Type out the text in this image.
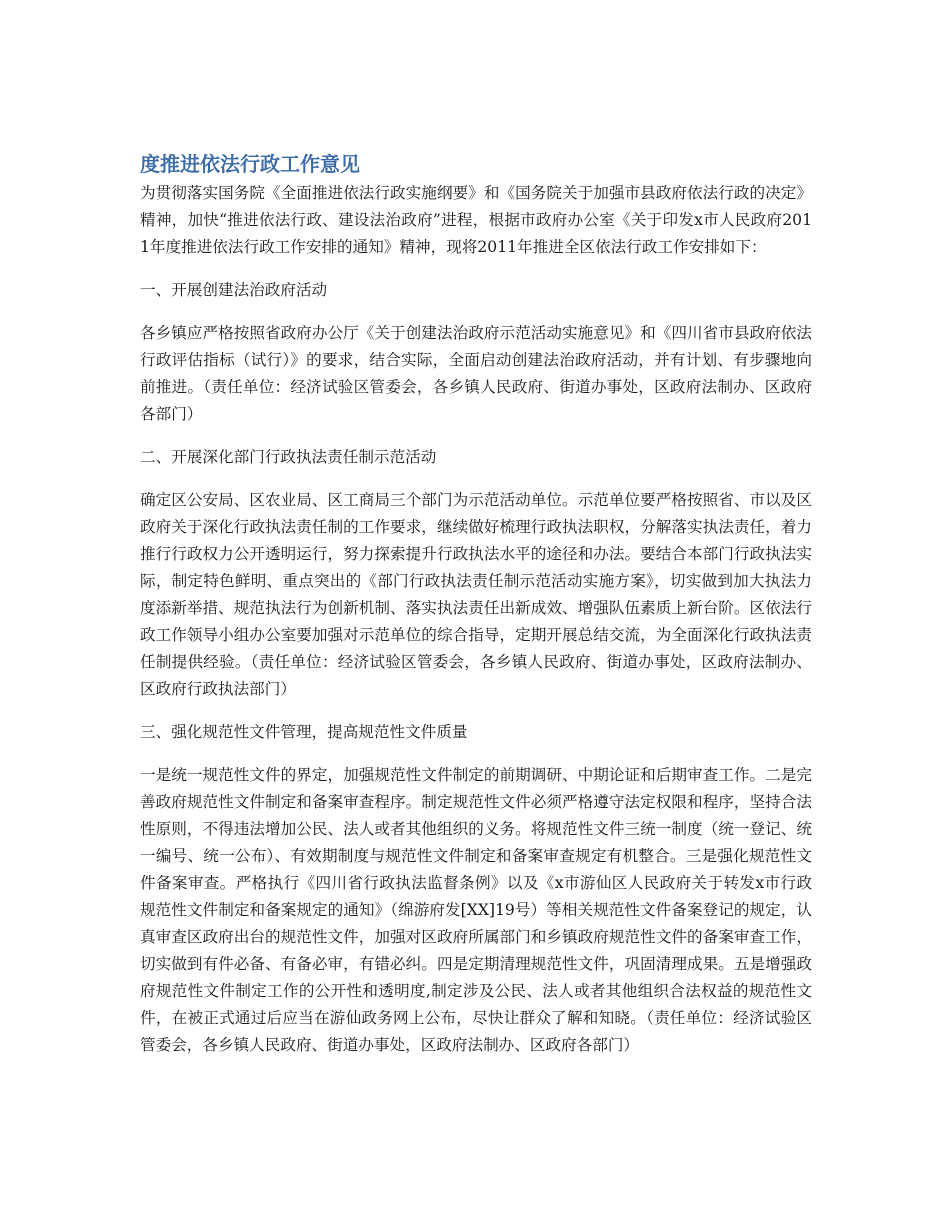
度推进依法行政工作意见

为贯彻落实国务院《全面推进依法行政实施纲要》和《国务院关于加强市县政府依法行政的决定》精神，加快“推进依法行政、建设法治政府”进程，根据市政府办公室《关于印发x市人民政府2011年度推进依法行政工作安排的通知》精神，现将2011年推进全区依法行政工作安排如下：

一、开展创建法治政府活动

各乡镇应严格按照省政府办公厅《关于创建法治政府示范活动实施意见》和《四川省市县政府依法行政评估指标（试行）》的要求，结合实际，全面启动创建法治政府活动，并有计划、有步骤地向前推进。（责任单位：经济试验区管委会，各乡镇人民政府、街道办事处，区政府法制办、区政府各部门）

二、开展深化部门行政执法责任制示范活动

确定区公安局、区农业局、区工商局三个部门为示范活动单位。示范单位要严格按照省、市以及区政府关于深化行政执法责任制的工作要求，继续做好梳理行政执法职权，分解落实执法责任，着力推行行政权力公开透明运行，努力探索提升行政执法水平的途径和办法。要结合本部门行政执法实际，制定特色鲜明、重点突出的《部门行政执法责任制示范活动实施方案》，切实做到加大执法力度添新举措、规范执法行为创新机制、落实执法责任出新成效、增强队伍素质上新台阶。区依法行政工作领导小组办公室要加强对示范单位的综合指导，定期开展总结交流，为全面深化行政执法责任制提供经验。（责任单位：经济试验区管委会，各乡镇人民政府、街道办事处，区政府法制办、区政府行政执法部门）

三、强化规范性文件管理，提高规范性文件质量

一是统一规范性文件的界定，加强规范性文件制定的前期调研、中期论证和后期审查工作。二是完善政府规范性文件制定和备案审查程序。制定规范性文件必须严格遵守法定权限和程序，坚持合法性原则，不得违法增加公民、法人或者其他组织的义务。将规范性文件三统一制度（统一登记、统一编号、统一公布）、有效期制度与规范性文件制定和备案审查规定有机整合。三是强化规范性文件备案审查。严格执行《四川省行政执法监督条例》以及《x市游仙区人民政府关于转发x市行政规范性文件制定和备案规定的通知》（绵游府发[XX]19号）等相关规范性文件备案登记的规定，认真审查区政府出台的规范性文件，加强对区政府所属部门和乡镇政府规范性文件的备案审查工作，切实做到有件必备、有备必审，有错必纠。四是定期清理规范性文件，巩固清理成果。五是增强政府规范性文件制定工作的公开性和透明度,制定涉及公民、法人或者其他组织合法权益的规范性文件，在被正式通过后应当在游仙政务网上公布，尽快让群众了解和知晓。（责任单位：经济试验区管委会，各乡镇人民政府、街道办事处，区政府法制办、区政府各部门）
